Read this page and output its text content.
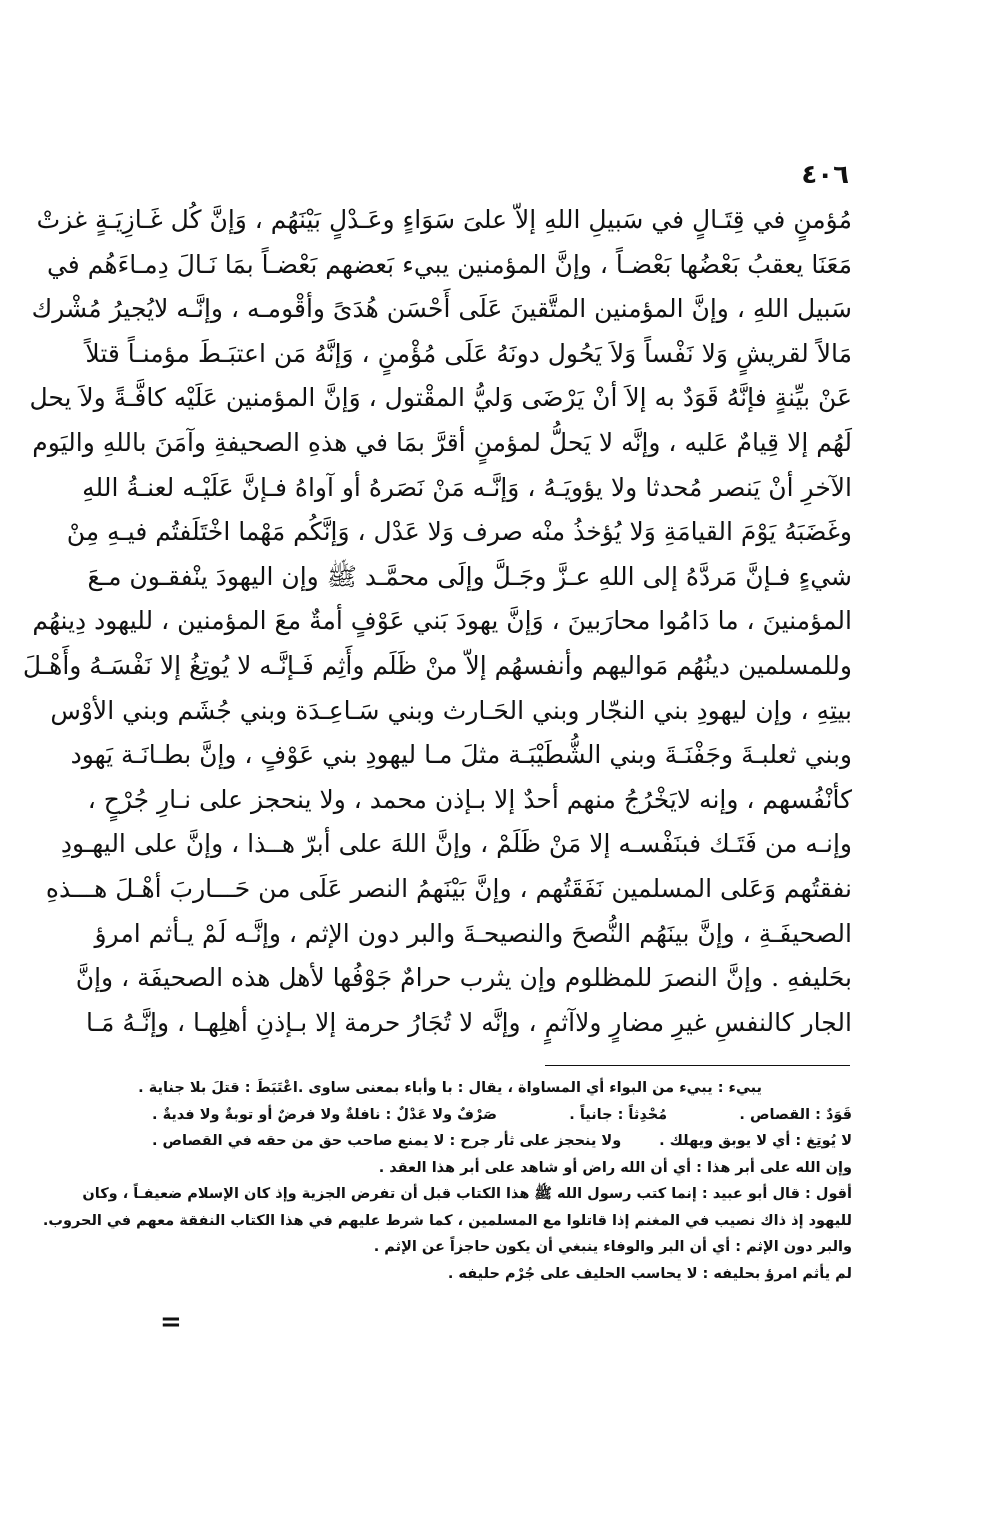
٤٠٦
مُؤمنٍ في قِتَـالٍ في سَبيلِ اللهِ إلاّ علىَ سَوَاءٍ وعَـدْلٍ بَيْنَهُم ، وَإنَّ كُل غَـازِيَـةٍ غزتْ
مَعَنَا يعقبُ بَعْضُها بَعْضـاً ، وإنَّ المؤمنين يبيء بَعضهم بَعْضـاً بمَا نَـالَ دِمـاءَهُم في
سَبيل اللهِ ، وإنَّ المؤمنين المتَّقينَ عَلَى أَحْسَن هُدَىً وأقْومـه ، وإنَّـه لايُجيرُ مُشْرك
مَالاً لقريشٍ وَلا نَفْساً وَلاَ يَحُول دونَهُ عَلَى مُؤْمنٍ ، وَإنَّهُ مَن اعتبَـطَ مؤمنـاً قتلاً
عَنْ بيِّنةٍ فإنَّهُ قَوَدٌ به إلاَ أنْ يَرْضَى وَليُّ المقْتول ، وَإنَّ المؤمنين عَلَيْه كافَّـةً ولاَ يحل
لَهُم إلا قِيامٌ عَليه ، وإنَّه لا يَحلُّ لمؤمنٍ أقرَّ بمَا في هذهِ الصحيفةِ وآمَنَ باللهِ واليَوم
الآخرِ أنْ يَنصر مُحدثا ولا يؤويَـهُ ، وَإنَّـه مَنْ نَصَرهُ أو آواهُ فـإنَّ عَلَيْـه لعنـةُ اللهِ
وغَضَبَهُ يَوْمَ القيامَةِ وَلا يُؤخذُ منْه صرف وَلا عَدْل ، وَإنَّكُم مَهْما اخْتَلَفتُم فيـهِ مِنْ
شيءٍ فـإنَّ مَردَّهُ إلى اللهِ عـزَّ وجَـلَّ وإلَى محمَّـد ﷺ وإن اليهودَ ينْفقـون مـعَ
المؤمنينَ ، ما دَامُوا محارَبينَ ، وَإنَّ يهودَ بَني عَوْفٍ أمةٌ معَ المؤمنين ، لليهود دِينهُم
وللمسلمين دينُهُم مَواليهم وأنفسهُم إلاّ منْ ظَلَم وأَثِم فَـإنَّـه لا يُوتِغُ إلا نَفْسَـهُ وأَهْـلَ
بيتِهِ ، وإن ليهودِ بني النجّار وبني الحَـارث وبني سَـاعِـدَة وبني جُشَم وبني الأوْس
وبني ثعلبـةَ وجَفْنَـةَ وبني الشُّطَيْبَـة مثلَ مـا ليهودِ بني عَوْفٍ ، وإنَّ بطـانَـة يَهود
كأنْفُسهم ، وإنه لايَخْرُجُ منهم أحدٌ إلا بـإذن محمد ، ولا ينحجز على نـارِ جُرْحٍ ،
وإنـه من فَتَـك فبنَفْسـه إلا مَنْ ظَلَمْ ، وإنَّ اللهَ على أبرّ هــذا ، وإنَّ على اليهـودِ
نفقتُهم وَعَلى المسلمين نَفَقَتُهم ، وإنَّ بَيْنَهمُ النصر عَلَى من حَـــاربَ أهْـلَ هـــذهِ
الصحيفَـةِ ، وإنَّ بينَهُم النُّصحَ والنصيحـةَ والبر دون الإثم ، وإنَّـه لَمْ يـأثم امرؤ
بحَليفهِ . وإنَّ النصرَ للمظلوم وإن يثرب حرامٌ جَوْفُها لأهل هذه الصحيفَة ، وإنَّ
الجار كالنفسِ غيرِ مضارٍ ولاآثمٍ ، وإنَّه لا تُجَارُ حرمة إلا بـإذنِ أهلِهـا ، وإنَّـهُ مَـا
يبيء : يبيء من البواء أي المساواة ، يقال : با وأباء بمعنى ساوى .
اعْتَبَطَ : قتلَ بلا جناية .
قَوَدٌ : القصاص .
مُحْدِثاً : جانياً .
صَرْفٌ ولا عَدْلٌ : نافلةٌ ولا فرضٌ أو توبةٌ ولا فديةٌ .
لا يُوتِغ : أي لا يوبق ويهلك .
ولا ينحجز على ثأر جرح : لا يمنع صاحب حق من حقه في القصاص .
وإن الله على أبر هذا : أي أن الله راض أو شاهد على أبر هذا العقد .
أقول : قال أبو عبيد : إنما كتب رسول الله ﷺ هذا الكتاب قبل أن تفرض الجزية وإذ كان الإسلام ضعيفـاً ، وكان
لليهود إذ ذاك نصيب في المغنم إذا قاتلوا مع المسلمين ، كما شرط عليهم في هذا الكتاب النفقة معهم في الحروب.
والبر دون الإثم : أي أن البر والوفاء ينبغي أن يكون حاجزاً عن الإثم .
لم يأثم امرؤ بحليفه : لا يحاسب الحليف على جُرْم حليفه .
=
